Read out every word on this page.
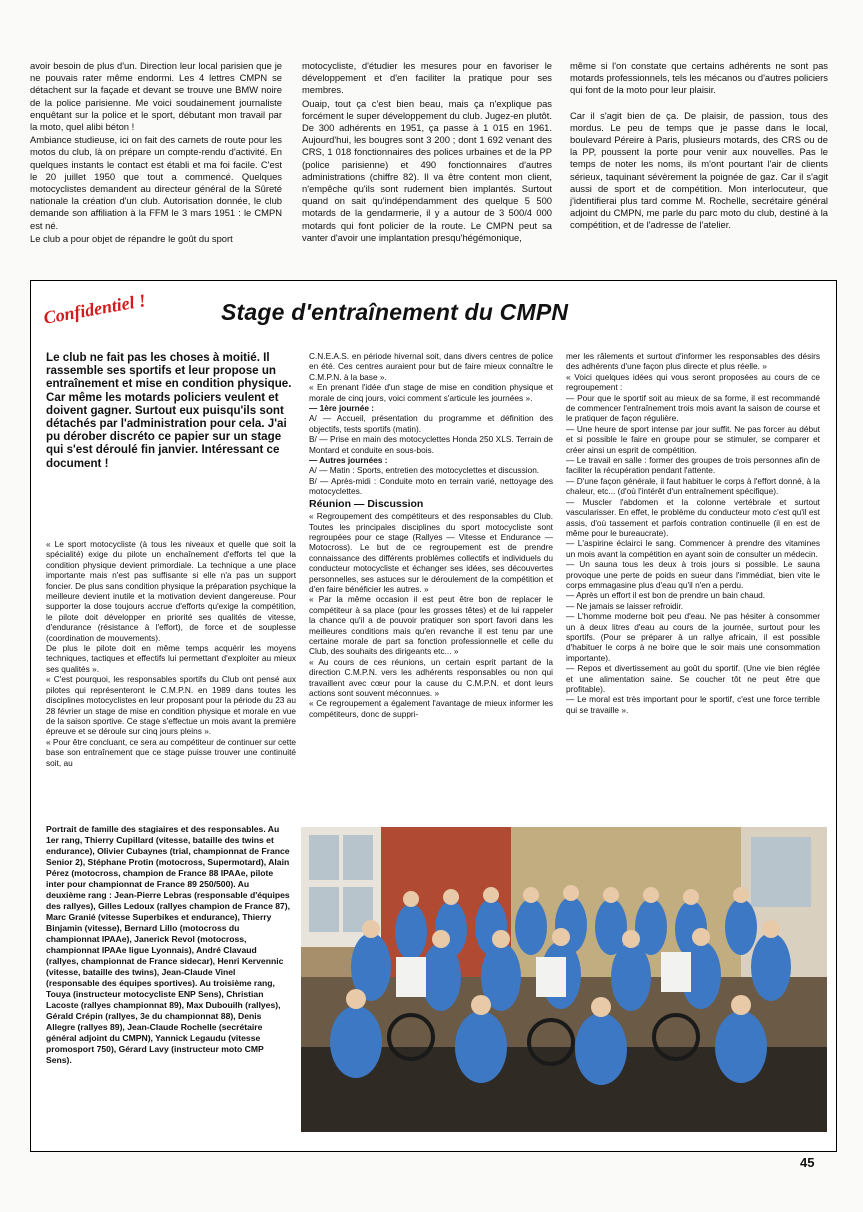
avoir besoin de plus d'un. Direction leur local parisien que je ne pouvais rater même endormi. Les 4 lettres CMPN se détachent sur la façade et devant se trouve une BMW noire de la police parisienne. Me voici soudainement journaliste enquêtant sur la police et le sport, débutant mon travail par la moto, quel alibi béton !

Ambiance studieuse, ici on fait des carnets de route pour les motos du club, là on prépare un compte-rendu d'activité. En quelques instants le contact est établi et ma foi facile. C'est le 20 juillet 1950 que tout a commencé. Quelques motocyclistes demandent au directeur général de la Sûreté nationale la création d'un club. Autorisation donnée, le club demande son affiliation à la FFM le 3 mars 1951 : le CMPN est né.

Le club a pour objet de répandre le goût du sport

motocycliste, d'étudier les mesures pour en favoriser le développement et d'en faciliter la pratique pour ses membres.

Ouaip, tout ça c'est bien beau, mais ça n'explique pas forcément le super développement du club. Jugez-en plutôt. De 300 adhérents en 1951, ça passe à 1 015 en 1961. Aujourd'hui, les bougres sont 3 200 ; dont 1 692 venant des CRS, 1 018 fonctionnaires des polices urbaines et de la PP (police parisienne) et 490 fonctionnaires d'autres administrations (chiffre 82). Il va être content mon client, n'empêche qu'ils sont rudement bien implantés. Surtout quand on sait qu'indépendamment des quelque 5 500 motards de la gendarmerie, il y a autour de 3 500/4 000 motards qui font policier de la route. Le CMPN peut sa vanter d'avoir une implantation presqu'hégémonique,

même si l'on constate que certains adhérents ne sont pas motards professionnels, tels les mécanos ou d'autres policiers qui font de la moto pour leur plaisir.

Car il s'agit bien de ça. De plaisir, de passion, tous des mordus. Le peu de temps que je passe dans le local, boulevard Péreire à Paris, plusieurs motards, des CRS ou de la PP, poussent la porte pour venir aux nouvelles. Pas le temps de noter les noms, ils m'ont pourtant l'air de clients sérieux, taquinant sévèrement la poignée de gaz. Car il s'agit aussi de sport et de compétition. Mon interlocuteur, que j'identifierai plus tard comme M. Rochelle, secrétaire général adjoint du CMPN, me parle du parc moto du club, destiné à la compétition, et de l'adresse de l'atelier.

Confidentiel !	Stage d'entraînement du CMPN
Le club ne fait pas les choses à moitié. Il rassemble ses sportifs et leur propose un entraînement et mise en condition physique. Car même les motards policiers veulent et doivent gagner. Surtout eux puisqu'ils sont détachés par l'administration pour cela. J'ai pu dérober discréto ce papier sur un stage qui s'est déroulé fin janvier. Intéressant ce document !

« Le sport motocycliste (à tous les niveaux et quelle que soit la spécialité) exige du pilote un enchaînement d'efforts tel que la condition physique devient primordiale. La technique a une place importante mais n'est pas suffisante si elle n'a pas un support foncier. De plus sans condition physique la préparation psychique la meilleure devient inutile et la motivation devient dangereuse. Pour supporter la dose toujours accrue d'efforts qu'exige la compétition, le pilote doit développer en priorité ses qualités de vitesse, d'endurance (résistance à l'effort), de force et de souplesse (coordination de mouvements).

De plus le pilote doit en même temps acquérir les moyens techniques, tactiques et effectifs lui permettant d'exploiter au mieux ses qualités ».

« C'est pourquoi, les responsables sportifs du Club ont pensé aux pilotes qui représenteront le C.M.P.N. en 1989 dans toutes les disciplines motocyclistes en leur proposant pour la période du 23 au 28 février un stage de mise en condition physique et morale en vue de la saison sportive. Ce stage s'effectue un mois avant la première épreuve et se déroule sur cinq jours pleins ».

« Pour être concluant, ce sera au compétiteur de continuer sur cette base son entraînement que ce stage puisse trouver une continuité soit, au

C.N.E.A.S. en période hivernal soit, dans divers centres de police en été. Ces centres auraient pour but de faire mieux connaître le C.M.P.N. à la base ».

« En prenant l'idée d'un stage de mise en condition physique et morale de cinq jours, voici comment s'articule les journées ».

— 1ère journée :

A/ — Accueil, présentation du programme et définition des objectifs, tests sportifs (matin).

B/ — Prise en main des motocyclettes Honda 250 XLS. Terrain de Montard et conduite en sous-bois.

— Autres journées :

A/ — Matin : Sports, entretien des motocyclettes et discussion.

B/ — Après-midi : Conduite moto en terrain varié, nettoyage des motocyclettes.

Réunion — Discussion

« Regroupement des compétiteurs et des responsables du Club. Toutes les principales disciplines du sport motocycliste sont regroupées pour ce stage (Rallyes — Vitesse et Endurance — Motocross). Le but de ce regroupement est de prendre connaissance des différents problèmes collectifs et individuels du conducteur motocycliste et échanger ses idées, ses découvertes personnelles, ses astuces sur le déroulement de la compétition et d'en faire bénéficier les autres. »

« Par la même occasion il est peut être bon de replacer le compétiteur à sa place (pour les grosses têtes) et de lui rappeler la chance qu'il a de pouvoir pratiquer son sport favori dans les meilleures conditions mais qu'en revanche il est tenu par une certaine morale de part sa fonction professionnelle et celle du Club, des souhaits des dirigeants etc... »

« Au cours de ces réunions, un certain esprit partant de la direction C.M.P.N. vers les adhérents responsables ou non qui travaillent avec cœur pour la cause du C.M.P.N. et dont leurs actions sont souvent méconnues. »

« Ce regroupement a également l'avantage de mieux informer les compétiteurs, donc de suppri-

mer les râlements et surtout d'informer les responsables des désirs des adhérents d'une façon plus directe et plus réelle. »

« Voici quelques idées qui vous seront proposées au cours de ce regroupement :

— Pour que le sportif soit au mieux de sa forme, il est recommandé de commencer l'entraînement trois mois avant la saison de course et le pratiquer de façon régulière.

— Une heure de sport intense par jour suffit. Ne pas forcer au début et si possible le faire en groupe pour se stimuler, se comparer et créer ainsi un esprit de compétition.

— Le travail en salle : former des groupes de trois personnes afin de faciliter la récupération pendant l'attente.

— D'une façon générale, il faut habituer le corps à l'effort donné, à la chaleur, etc... (d'où l'intérêt d'un entraînement spécifique).

— Muscler l'abdomen et la colonne vertébrale et surtout vascularisser. En effet, le problème du conducteur moto c'est qu'il est assis, d'où tassement et parfois contration continuelle (il en est de même pour le bureaucrate).

— L'aspirine éclairci le sang. Commencer à prendre des vitamines un mois avant la compétition en ayant soin de consulter un médecin.

— Un sauna tous les deux à trois jours si possible. Le sauna provoque une perte de poids en sueur dans l'immédiat, bien vite le corps emmagasine plus d'eau qu'il n'en a perdu.

— Après un effort il est bon de prendre un bain chaud.

— Ne jamais se laisser refroidir.

— L'homme moderne boit peu d'eau. Ne pas hésiter à consommer un à deux litres d'eau au cours de la journée, surtout pour les sportifs. (Pour se préparer à un rallye africain, il est possible d'habituer le corps à ne boire que le soir mais une consommation importante).

— Repos et divertissement au goût du sportif. (Une vie bien réglée et une alimentation saine. Se coucher tôt ne peut être que profitable).

— Le moral est très important pour le sportif, c'est une force terrible qui se travaille ».

Portrait de famille des stagiaires et des responsables. Au 1er rang, Thierry Cupillard (vitesse, bataille des twins et endurance), Olivier Cubaynes (trial, championnat de France Senior 2), Stéphane Protin (motocross, Supermotard), Alain Pérez (motocross, champion de France 88 IPAAe, pilote inter pour championnat de France 89 250/500). Au deuxième rang : Jean-Pierre Lebras (responsable d'équipes des rallyes), Gilles Ledoux (rallyes champion de France 87), Marc Granié (vitesse Superbikes et endurance), Thierry Binjamin (vitesse), Bernard Lillo (motocross du championnat IPAAe), Janerick Revol (motocross, championnat IPAAe ligue Lyonnais), André Clavaud (rallyes, championnat de France sidecar), Henri Kervennic (vitesse, bataille des twins), Jean-Claude Vinel (responsable des équipes sportives). Au troisième rang, Touya (instructeur motocycliste ENP Sens), Christian Lacoste (rallyes championnat 89), Max Dubouilh (rallyes), Gérald Crépin (rallyes, 3e du championnat 88), Denis Allegre (rallyes 89), Jean-Claude Rochelle (secrétaire général adjoint du CMPN), Yannick Legaudu (vitesse promosport 750), Gérard Lavy (instructeur moto CMP Sens).
45
